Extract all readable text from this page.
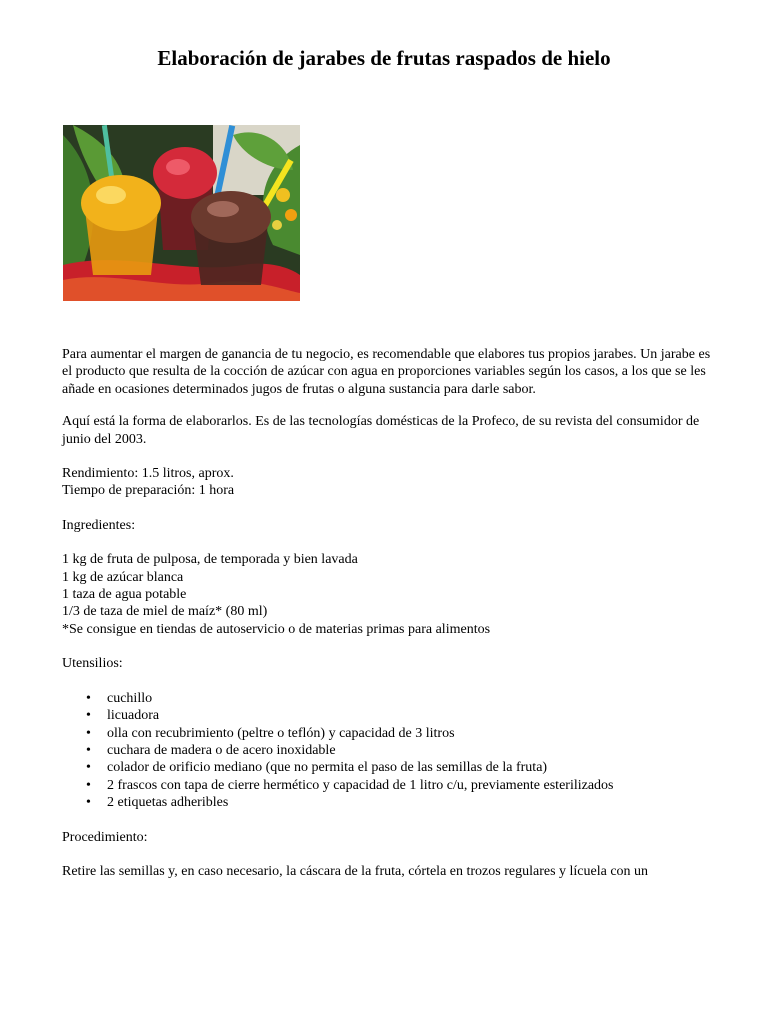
Elaboración de jarabes de frutas raspados de hielo

Para aumentar el margen de ganancia de tu negocio, es recomendable que elabores tus propios jarabes. Un jarabe es el producto que resulta de la cocción de azúcar con agua en proporciones variables según los casos, a los que se les añade en ocasiones determinados jugos de frutas o alguna sustancia para darle sabor.

Aquí está la forma de elaborarlos. Es de las tecnologías domésticas de la Profeco, de su revista del consumidor de junio del 2003.

Rendimiento: 1.5 litros, aprox.
Tiempo de preparación: 1 hora

Ingredientes:

1 kg de fruta de pulposa, de temporada y bien lavada
1 kg de azúcar blanca
1 taza de agua potable
1/3 de taza de miel de maíz* (80 ml)
*Se consigue en tiendas de autoservicio o de materias primas para alimentos

Utensilios:

• cuchillo
• licuadora
• olla con recubrimiento (peltre o teflón) y capacidad de 3 litros
• cuchara de madera o de acero inoxidable
• colador de orificio mediano (que no permita el paso de las semillas de la fruta)
• 2 frascos con tapa de cierre hermético y capacidad de 1 litro c/u, previamente esterilizados
• 2 etiquetas adheribles

Procedimiento:

Retire las semillas y, en caso necesario, la cáscara de la fruta, córtela en trozos regulares y lícuela con un
